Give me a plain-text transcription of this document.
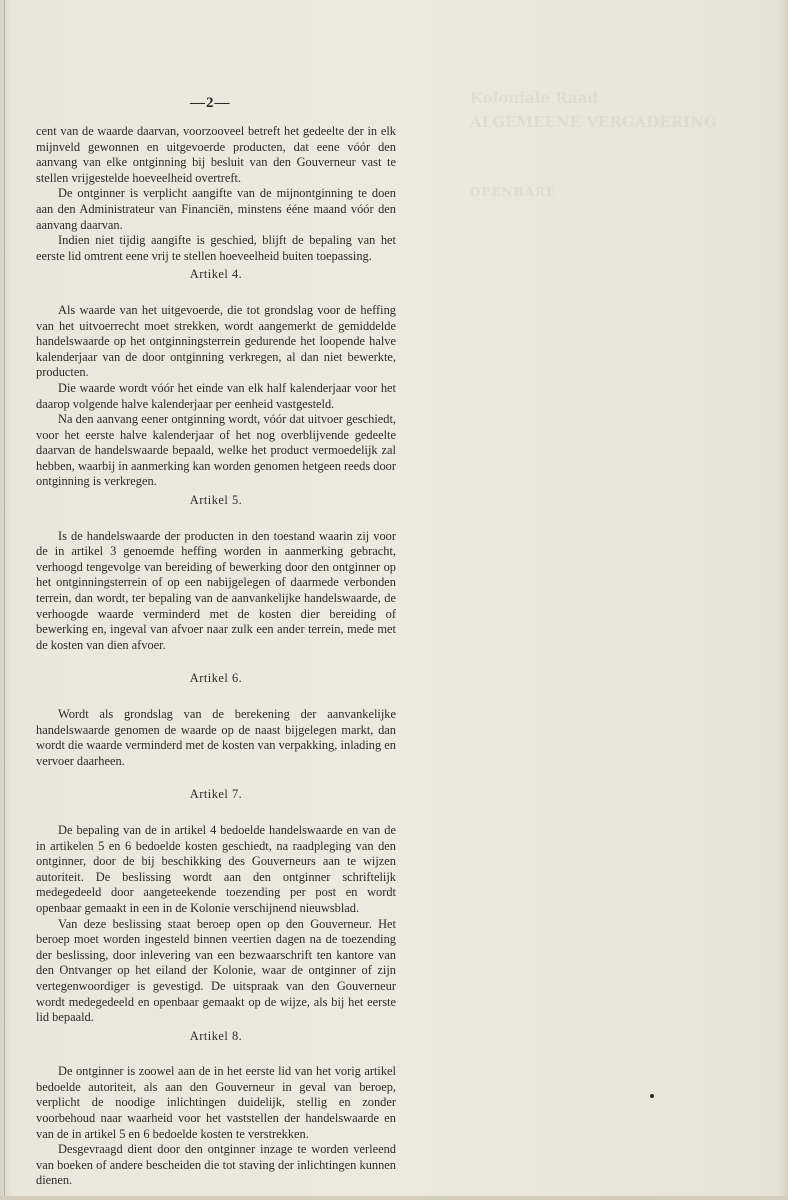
Koloniale Raad
ALGEMEENE VERGADERING
OPENBARE
—2—

cent van de waarde daarvan, voorzooveel betreft het gedeelte der in elk mijnveld gewonnen en uitgevoerde producten, dat eene vóór den aanvang van elke ontginning bij besluit van den Gouverneur vast te stellen vrijgestelde hoeveelheid overtreft.

De ontginner is verplicht aangifte van de mijnontginning te doen aan den Administrateur van Financiën, minstens ééne maand vóór den aanvang daarvan.

Indien niet tijdig aangifte is geschied, blijft de bepaling van het eerste lid omtrent eene vrij te stellen hoeveelheid buiten toepassing.

Artikel 4.

Als waarde van het uitgevoerde, die tot grondslag voor de heffing van het uitvoerrecht moet strekken, wordt aangemerkt de gemiddelde handelswaarde op het ontginningsterrein gedurende het loopende halve kalenderjaar van de door ontginning verkregen, al dan niet bewerkte, producten.

Die waarde wordt vóór het einde van elk half kalenderjaar voor het daarop volgende halve kalenderjaar per eenheid vastgesteld.

Na den aanvang eener ontginning wordt, vóór dat uitvoer geschiedt, voor het eerste halve kalenderjaar of het nog overblijvende gedeelte daarvan de handelswaarde bepaald, welke het product vermoedelijk zal hebben, waarbij in aanmerking kan worden genomen hetgeen reeds door ontginning is verkregen.

Artikel 5.

Is de handelswaarde der producten in den toestand waarin zij voor de in artikel 3 genoemde heffing worden in aanmerking gebracht, verhoogd tengevolge van bereiding of bewerking door den ontginner op het ontginningsterrein of op een nabijgelegen of daarmede verbonden terrein, dan wordt, ter bepaling van de aanvankelijke handelswaarde, de verhoogde waarde verminderd met de kosten dier bereiding of bewerking en, ingeval van afvoer naar zulk een ander terrein, mede met de kosten van dien afvoer.

Artikel 6.

Wordt als grondslag van de berekening der aanvankelijke handelswaarde genomen de waarde op de naast bijgelegen markt, dan wordt die waarde verminderd met de kosten van verpakking, inlading en vervoer daarheen.

Artikel 7.

De bepaling van de in artikel 4 bedoelde handelswaarde en van de in artikelen 5 en 6 bedoelde kosten geschiedt, na raadpleging van den ontginner, door de bij beschikking des Gouverneurs aan te wijzen autoriteit. De beslissing wordt aan den ontginner schriftelijk medegedeeld door aangeteekende toezending per post en wordt openbaar gemaakt in een in de Kolonie verschijnend nieuwsblad.

Van deze beslissing staat beroep open op den Gouverneur. Het beroep moet worden ingesteld binnen veertien dagen na de toezending der beslissing, door inlevering van een bezwaarschrift ten kantore van den Ontvanger op het eiland der Kolonie, waar de ontginner of zijn vertegenwoordiger is gevestigd. De uitspraak van den Gouverneur wordt medegedeeld en openbaar gemaakt op de wijze, als bij het eerste lid bepaald.

Artikel 8.

De ontginner is zoowel aan de in het eerste lid van het vorig artikel bedoelde autoriteit, als aan den Gouverneur in geval van beroep, verplicht de noodige inlichtingen duidelijk, stellig en zonder voorbehoud naar waarheid voor het vaststellen der handelswaarde en van de in artikel 5 en 6 bedoelde kosten te verstrekken.

Desgevraagd dient door den ontginner inzage te worden verleend van boeken of andere bescheiden die tot staving der inlichtingen kunnen dienen.
